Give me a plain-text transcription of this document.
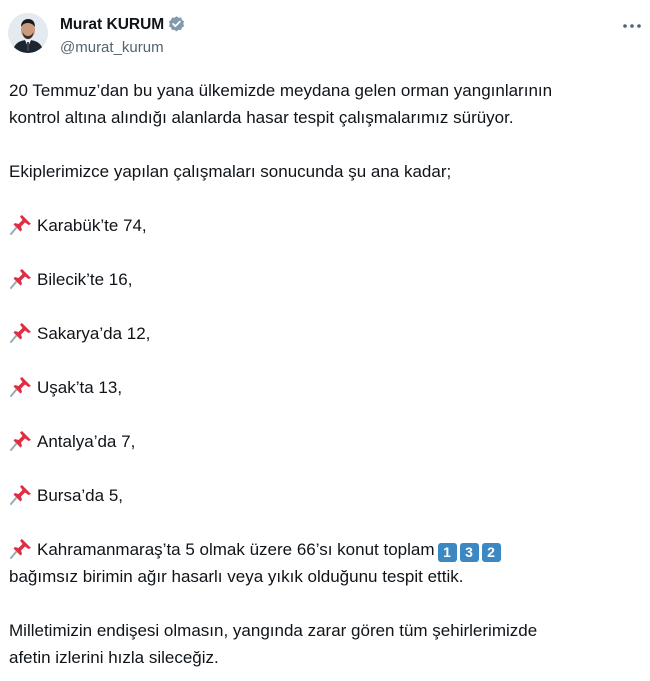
Murat KURUM
@murat_kurum

20 Temmuz’dan bu yana ülkemizde meydana gelen orman yangınlarının

kontrol altına alındığı alanlarda hasar tespit çalışmalarımız sürüyor.

Ekiplerimizce yapılan çalışmaları sonucunda şu ana kadar;

Karabük’te 74,

Bilecik’te 16,

Sakarya’da 12,

Uşak’ta 13,

Antalya’da 7,

Bursa’da 5,

Kahramanmaraş’ta 5 olmak üzere 66’sı konut toplam 1 3 2

bağımsız birimin ağır hasarlı veya yıkık olduğunu tespit ettik.

Milletimizin endişesi olmasın, yangında zarar gören tüm şehirlerimizde

afetin izlerini hızla sileceğiz.
